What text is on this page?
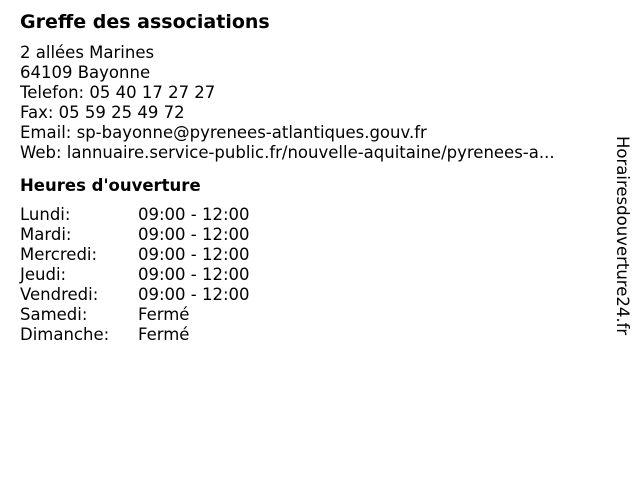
Greffe des associations
2 allées Marines
64109 Bayonne
Telefon: 05 40 17 27 27
Fax: 05 59 25 49 72
Email: sp-bayonne@pyrenees-atlantiques.gouv.fr
Web: lannuaire.service-public.fr/nouvelle-aquitaine/pyrenees-a...
Heures d'ouverture
Lundi:	09:00 - 12:00
Mardi:	09:00 - 12:00
Mercredi:	09:00 - 12:00
Jeudi:	09:00 - 12:00
Vendredi:	09:00 - 12:00
Samedi:	Fermé
Dimanche:	Fermé	Horairesdouverture24.fr
